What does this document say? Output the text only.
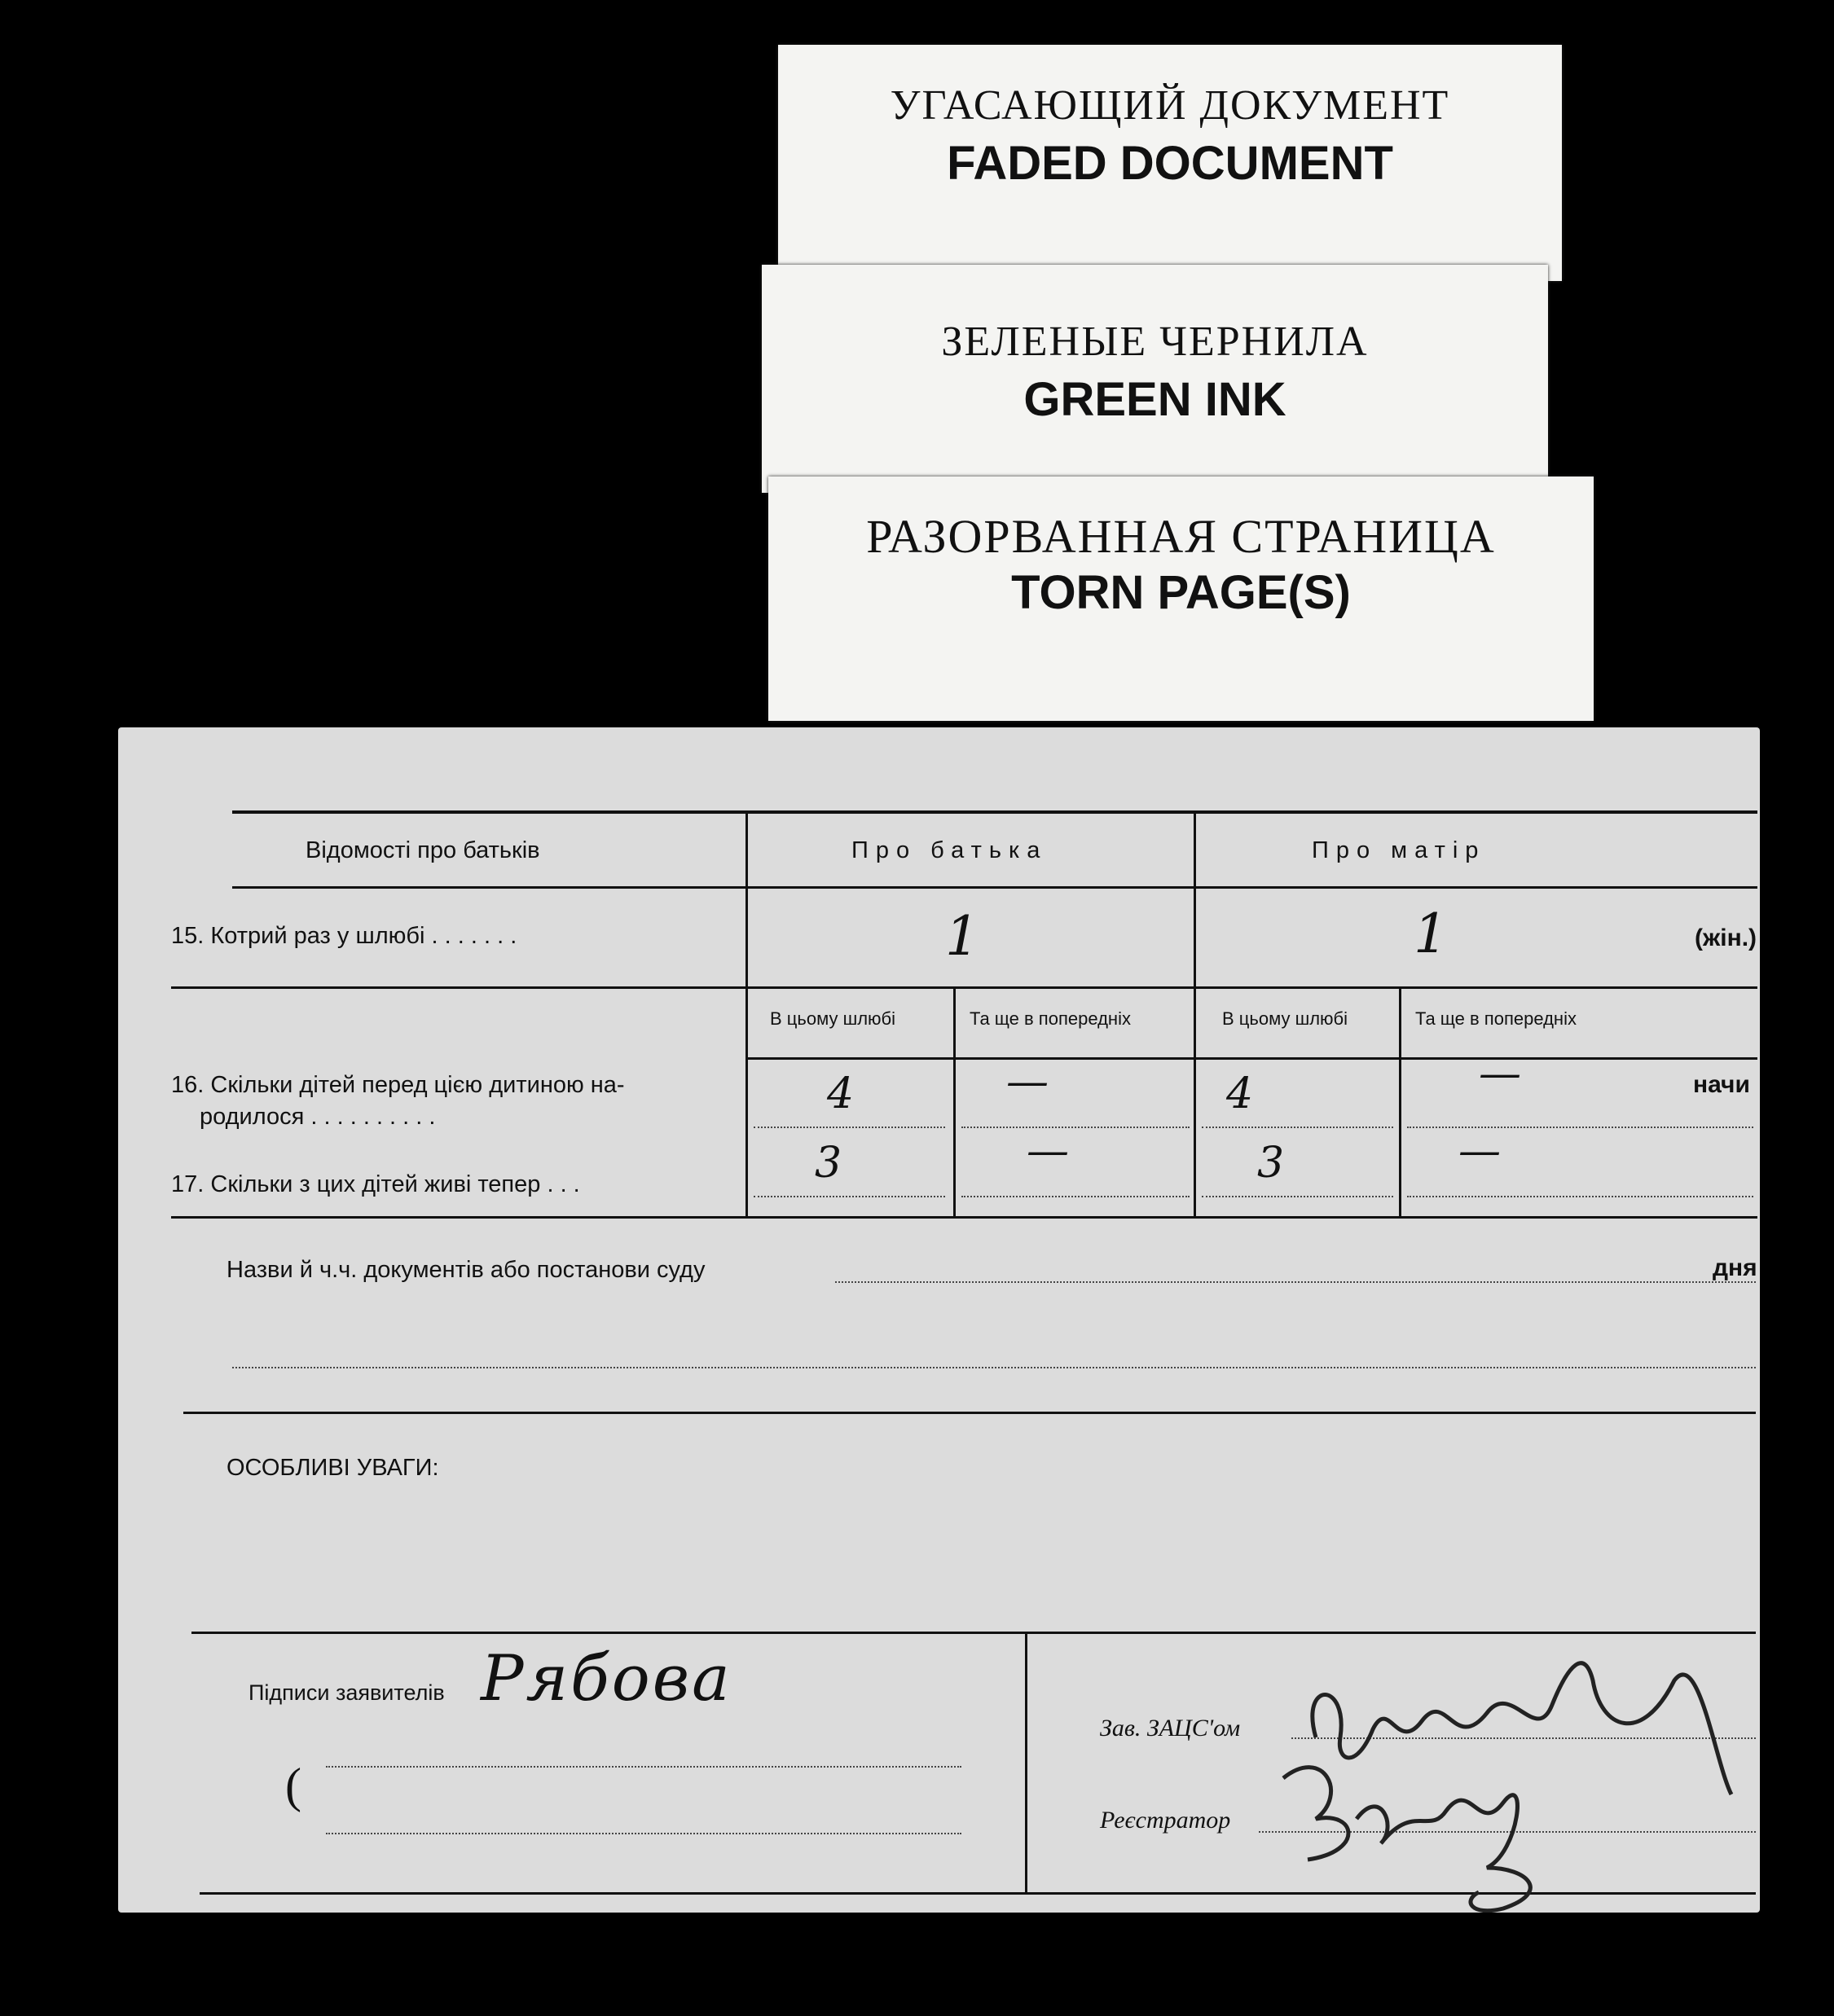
УГАСАЮЩИЙ ДОКУМЕНТ
FADED DOCUMENT
ЗЕЛЕНЫЕ ЧЕРНИЛА
GREEN INK
РАЗОРВАННАЯ СТРАНИЦА
TORN PAGE(S)
Відомості про батьків	Про батька	Про матір
15. Котрий раз у шлюбі . . . . . . .	1	1
В цьому шлюбі	Та ще в попередніх	В цьому шлюбі	Та ще в попередніх
16. Скільки дітей перед цією дитиною на-
родилося . . . . . . . . . .	4	—	4	—
17. Скільки з цих дітей живі тепер . . .	3	—	3	—
Назви й ч.ч. документів або постанови суду
ОСОБЛИВІ УВАГИ:
Підписи заявителів Рябова
(
Зав. ЗАЦС'ом
Реєстратор
(жін.)
начи
дня
